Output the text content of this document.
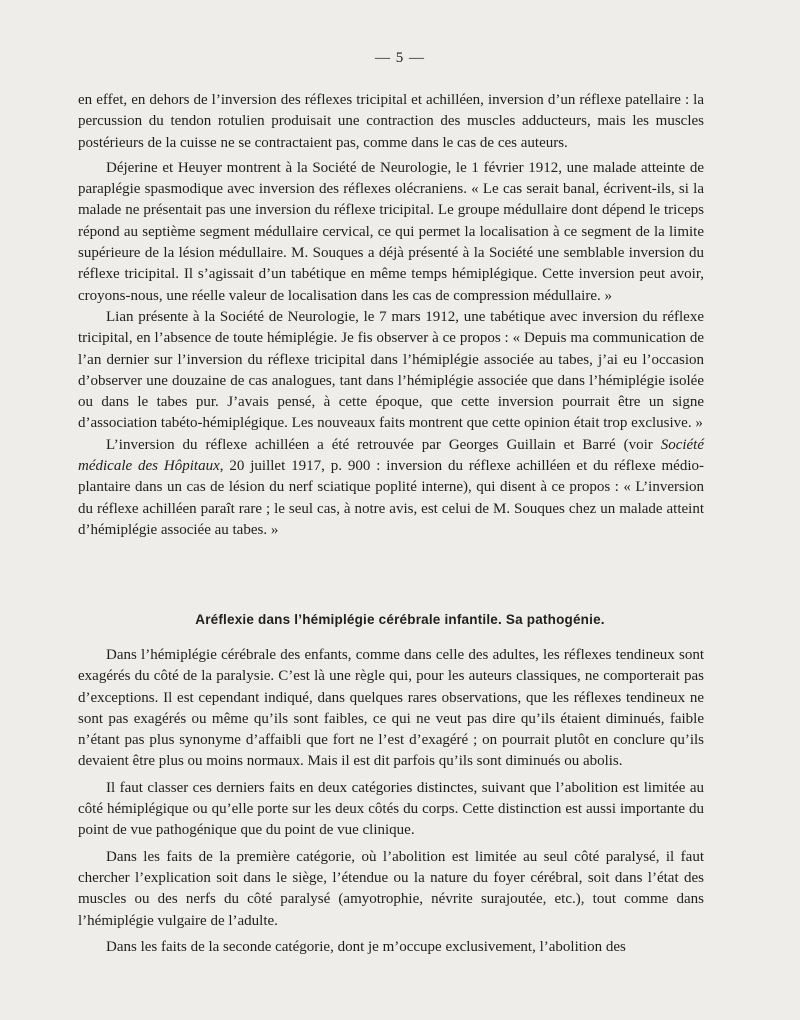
— 5 —

en effet, en dehors de l’inversion des réflexes tricipital et achilléen, inversion d’un réflexe patellaire : la percussion du tendon rotulien produisait une contraction des muscles adducteurs, mais les muscles postérieurs de la cuisse ne se contractaient pas, comme dans le cas de ces auteurs.

Déjerine et Heuyer montrent à la Société de Neurologie, le 1 février 1912, une malade atteinte de paraplégie spasmodique avec inversion des réflexes olécraniens. « Le cas serait banal, écrivent-ils, si la malade ne présentait pas une inversion du réflexe tricipital. Le groupe médullaire dont dépend le triceps répond au septième segment médullaire cervical, ce qui permet la localisation à ce segment de la limite supérieure de la lésion médullaire. M. Souques a déjà présenté à la Société une semblable inversion du réflexe tricipital. Il s’agissait d’un tabétique en même temps hémiplégique. Cette inversion peut avoir, croyons-nous, une réelle valeur de localisation dans les cas de compression médullaire. »

Lian présente à la Société de Neurologie, le 7 mars 1912, une tabétique avec inversion du réflexe tricipital, en l’absence de toute hémiplégie. Je fis observer à ce propos : « Depuis ma communication de l’an dernier sur l’inversion du réflexe tricipital dans l’hémiplégie associée au tabes, j’ai eu l’occasion d’observer une douzaine de cas analogues, tant dans l’hémiplégie associée que dans l’hémiplégie isolée ou dans le tabes pur. J’avais pensé, à cette époque, que cette inversion pourrait être un signe d’association tabéto-hémiplégique. Les nouveaux faits montrent que cette opinion était trop exclusive. »

L’inversion du réflexe achilléen a été retrouvée par Georges Guillain et Barré (voir Société médicale des Hôpitaux, 20 juillet 1917, p. 900 : inversion du réflexe achilléen et du réflexe médio-plantaire dans un cas de lésion du nerf sciatique poplité interne), qui disent à ce propos : « L’inversion du réflexe achilléen paraît rare ; le seul cas, à notre avis, est celui de M. Souques chez un malade atteint d’hémiplégie associée au tabes. »

Aréflexie dans l’hémiplégie cérébrale infantile. Sa pathogénie.

Dans l’hémiplégie cérébrale des enfants, comme dans celle des adultes, les réflexes tendineux sont exagérés du côté de la paralysie. C’est là une règle qui, pour les auteurs classiques, ne comporterait pas d’exceptions. Il est cependant indiqué, dans quelques rares observations, que les réflexes tendineux ne sont pas exagérés ou même qu’ils sont faibles, ce qui ne veut pas dire qu’ils étaient diminués, faible n’étant pas plus synonyme d’affaibli que fort ne l’est d’exagéré ; on pourrait plutôt en conclure qu’ils devaient être plus ou moins normaux. Mais il est dit parfois qu’ils sont diminués ou abolis.

Il faut classer ces derniers faits en deux catégories distinctes, suivant que l’abolition est limitée au côté hémiplégique ou qu’elle porte sur les deux côtés du corps. Cette distinction est aussi importante du point de vue pathogénique que du point de vue clinique.

Dans les faits de la première catégorie, où l’abolition est limitée au seul côté paralysé, il faut chercher l’explication soit dans le siège, l’étendue ou la nature du foyer cérébral, soit dans l’état des muscles ou des nerfs du côté paralysé (amyotrophie, névrite surajoutée, etc.), tout comme dans l’hémiplégie vulgaire de l’adulte.

Dans les faits de la seconde catégorie, dont je m’occupe exclusivement, l’abolition des
